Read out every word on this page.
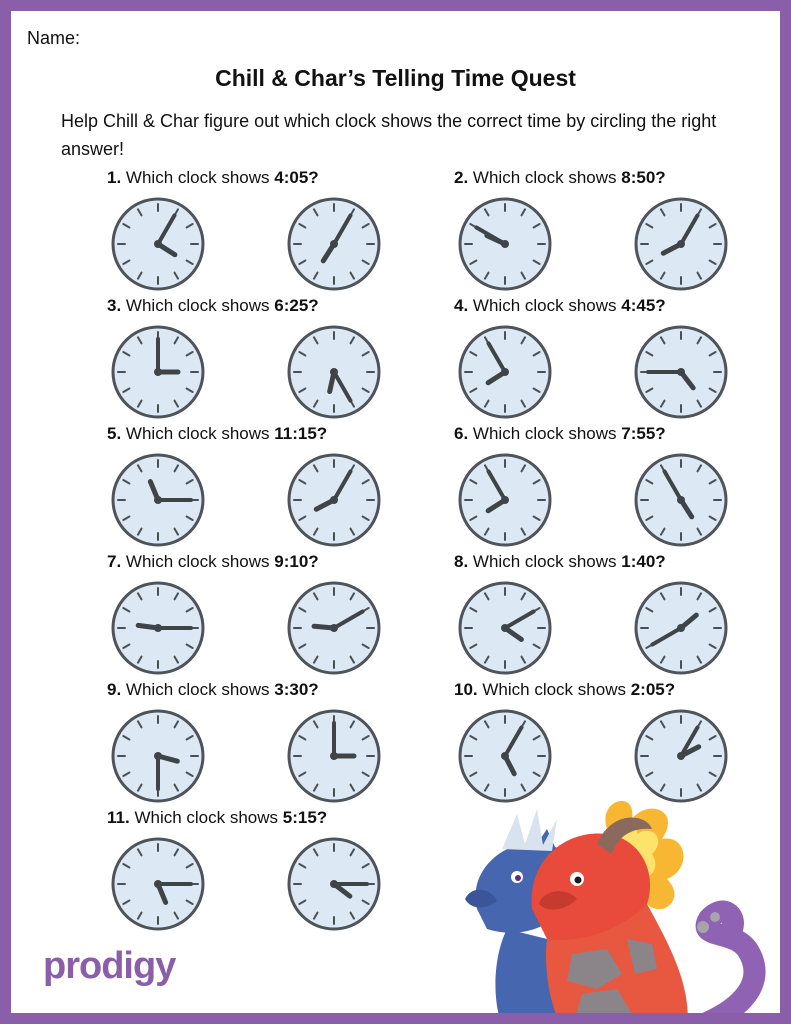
Name:
Chill & Char’s Telling Time Quest
Help Chill & Char figure out which clock shows the correct time by circling the right answer!
1. Which clock shows 4:05?	2. Which clock shows 8:50?
3. Which clock shows 6:25?	4. Which clock shows 4:45?
5. Which clock shows 11:15?	6. Which clock shows 7:55?
7. Which clock shows 9:10?	8. Which clock shows 1:40?
9. Which clock shows 3:30?	10. Which clock shows 2:05?
11. Which clock shows 5:15?
prodigy
